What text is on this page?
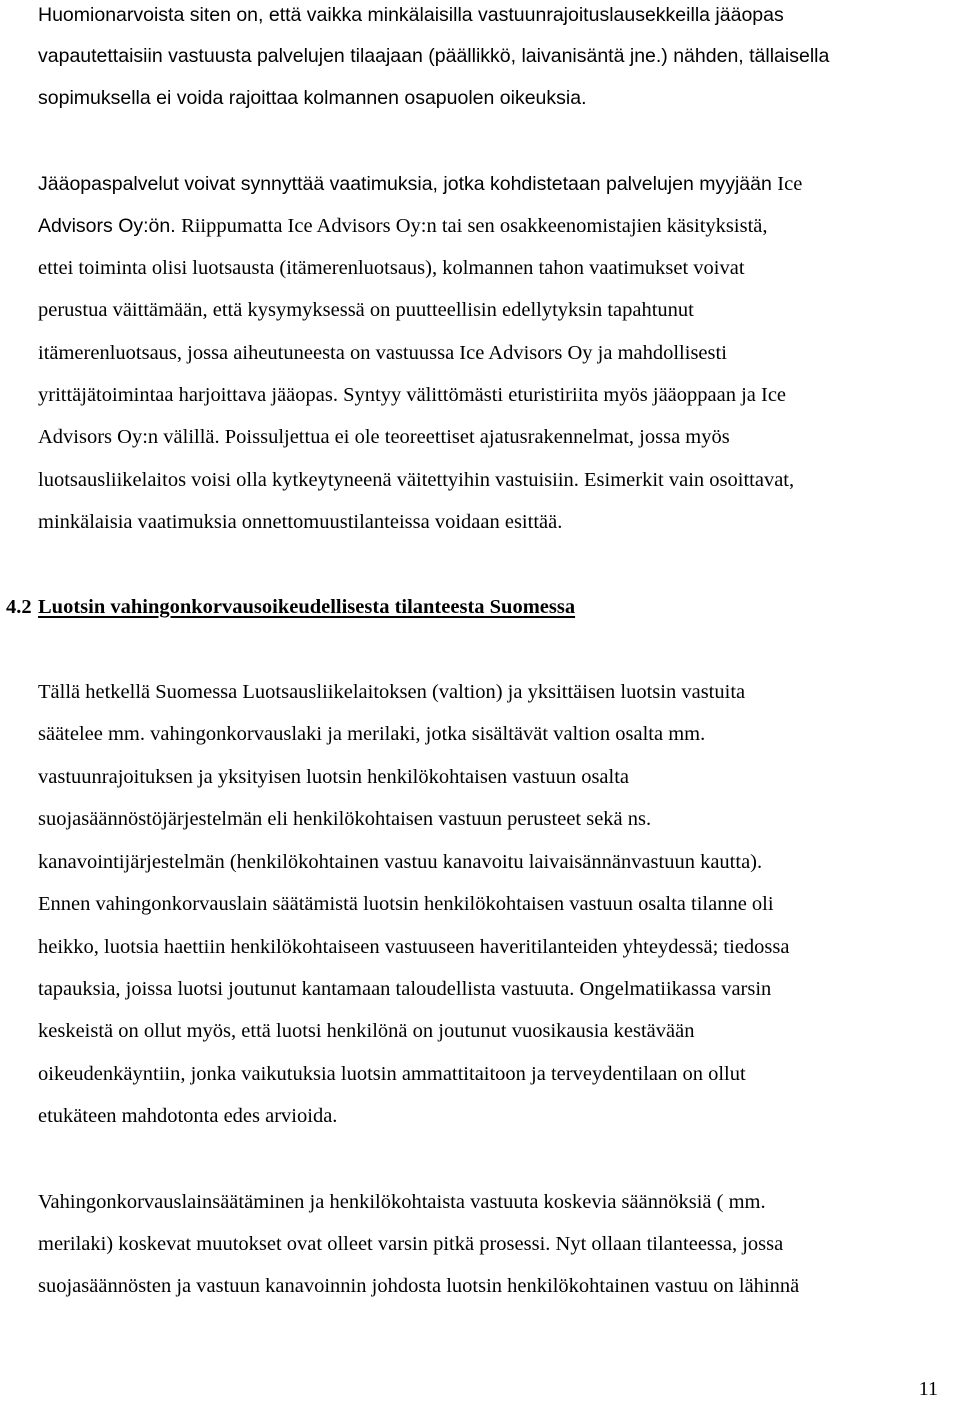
Huomionarvoista siten on, että vaikka minkälaisilla vastuunrajoituslausekkeilla jääopas
vapautettaisiin vastuusta palvelujen tilaajaan (päällikkö, laivanisäntä jne.) nähden, tällaisella
sopimuksella ei voida rajoittaa kolmannen osapuolen oikeuksia.
Jääopaspalvelut voivat synnyttää vaatimuksia, jotka kohdistetaan palvelujen myyjään Ice
Advisors Oy:ön. Riippumatta Ice Advisors Oy:n tai sen osakkeenomistajien käsityksistä,
ettei toiminta olisi luotsausta (itämerenluotsaus), kolmannen tahon vaatimukset voivat
perustua väittämään, että kysymyksessä on puutteellisin edellytyksin tapahtunut
itämerenluotsaus, jossa aiheutuneesta on vastuussa Ice Advisors Oy ja mahdollisesti
yrittäjätoimintaa harjoittava jääopas. Syntyy välittömästi eturistiriita myös jääoppaan ja Ice
Advisors Oy:n välillä. Poissuljettua ei ole teoreettiset ajatusrakennelmat, jossa myös
luotsausliikelaitos voisi olla kytkeytyneenä väitettyihin vastuisiin. Esimerkit vain osoittavat,
minkälaisia vaatimuksia onnettomuustilanteissa voidaan esittää.
4.2 Luotsin vahingonkorvausoikeudellisesta tilanteesta Suomessa
Tällä hetkellä Suomessa Luotsausliikelaitoksen (valtion) ja yksittäisen luotsin vastuita
säätelee mm. vahingonkorvauslaki ja merilaki, jotka sisältävät valtion osalta mm.
vastuunrajoituksen ja yksityisen luotsin henkilökohtaisen vastuun osalta
suojasäännöstöjärjestelmän eli henkilökohtaisen vastuun perusteet sekä ns.
kanavointijärjestelmän (henkilökohtainen vastuu kanavoitu laivaisännänvastuun kautta).
Ennen vahingonkorvauslain säätämistä luotsin henkilökohtaisen vastuun osalta tilanne oli
heikko, luotsia haettiin henkilökohtaiseen vastuuseen haveritilanteiden yhteydessä; tiedossa
tapauksia, joissa luotsi joutunut kantamaan taloudellista vastuuta. Ongelmatiikassa varsin
keskeistä on ollut myös, että luotsi henkilönä on joutunut vuosikausia kestävään
oikeudenkäyntiin, jonka vaikutuksia luotsin ammattitaitoon ja terveydentilaan on ollut
etukäteen mahdotonta edes arvioida.
Vahingonkorvauslainsäätäminen ja henkilökohtaista vastuuta koskevia säännöksiä ( mm.
merilaki) koskevat muutokset ovat olleet varsin pitkä prosessi. Nyt ollaan tilanteessa, jossa
suojasäännösten ja vastuun kanavoinnin johdosta luotsin henkilökohtainen vastuu on lähinnä
11
